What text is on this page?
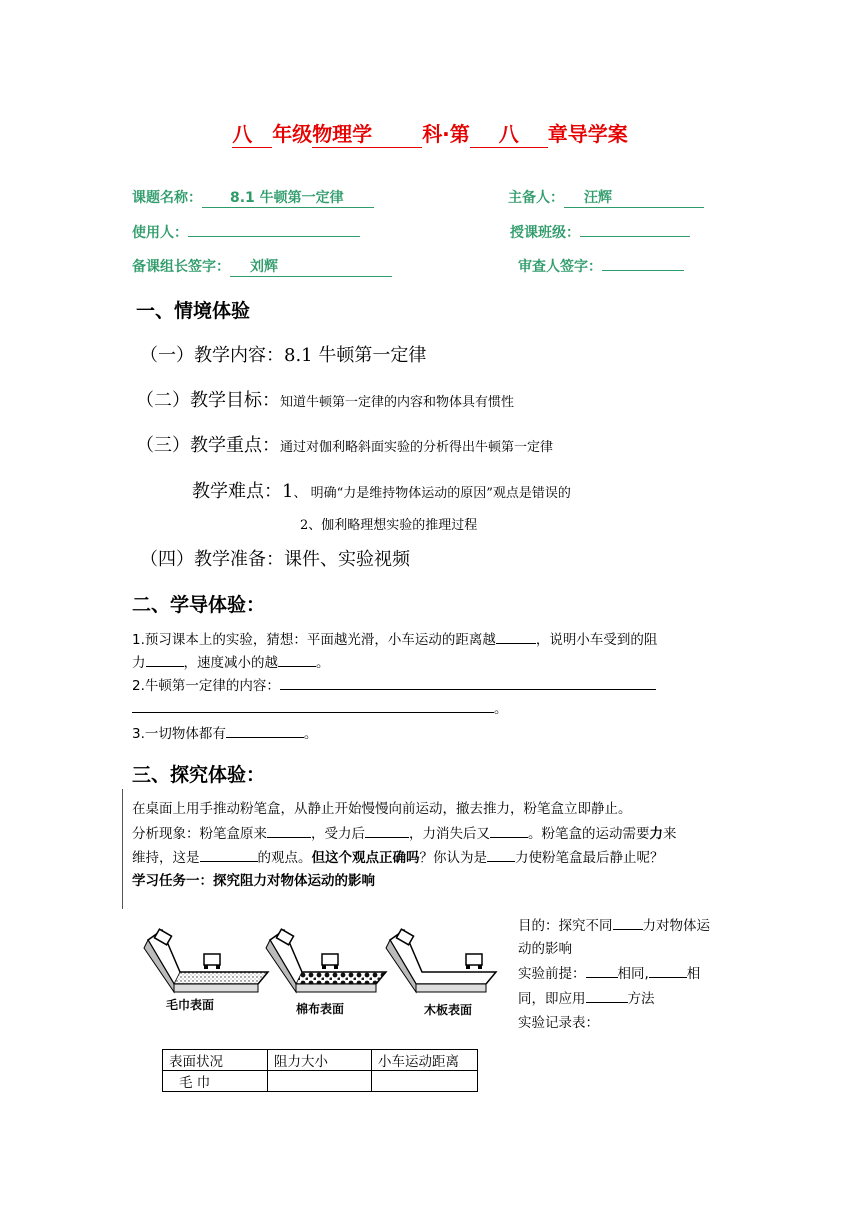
八 年级物理学	科·第 八 章导学案
课题名称： 8.1 牛顿第一定律	主备人： 汪辉
使用人：	授课班级：
备课组长签字： 刘辉	审查人签字：
一、情境体验
（一）教学内容：8.1 牛顿第一定律
（二）教学目标：知道牛顿第一定律的内容和物体具有惯性
（三）教学重点：通过对伽利略斜面实验的分析得出牛顿第一定律
教学难点：1、 明确“力是维持物体运动的原因”观点是错误的
2、伽利略理想实验的推理过程
（四）教学准备：课件、实验视频
二、学导体验：
1.预习课本上的实验，猜想：平面越光滑，小车运动的距离越	，说明小车受到的阻
力	，速度减小的越	。
2.牛顿第一定律的内容：
。
3.一切物体都有	。
三、探究体验：
在桌面上用手推动粉笔盒，从静止开始慢慢向前运动，撤去推力，粉笔盒立即静止。
分析现象：粉笔盒原来	，受力后	，力消失后又	。粉笔盒的运动需要力来
维持，这是	的观点。但这个观点正确吗？你认为是 力使粉笔盒最后静止呢？
学习任务一：探究阻力对物体运动的影响
毛巾表面	棉布表面	木板表面
目的：探究不同 力对物体运
动的影响
实验前提： 相同,	相
同，即应用	方法
实验记录表：
表面状况	阻力大小	小车运动距离
毛 巾		
